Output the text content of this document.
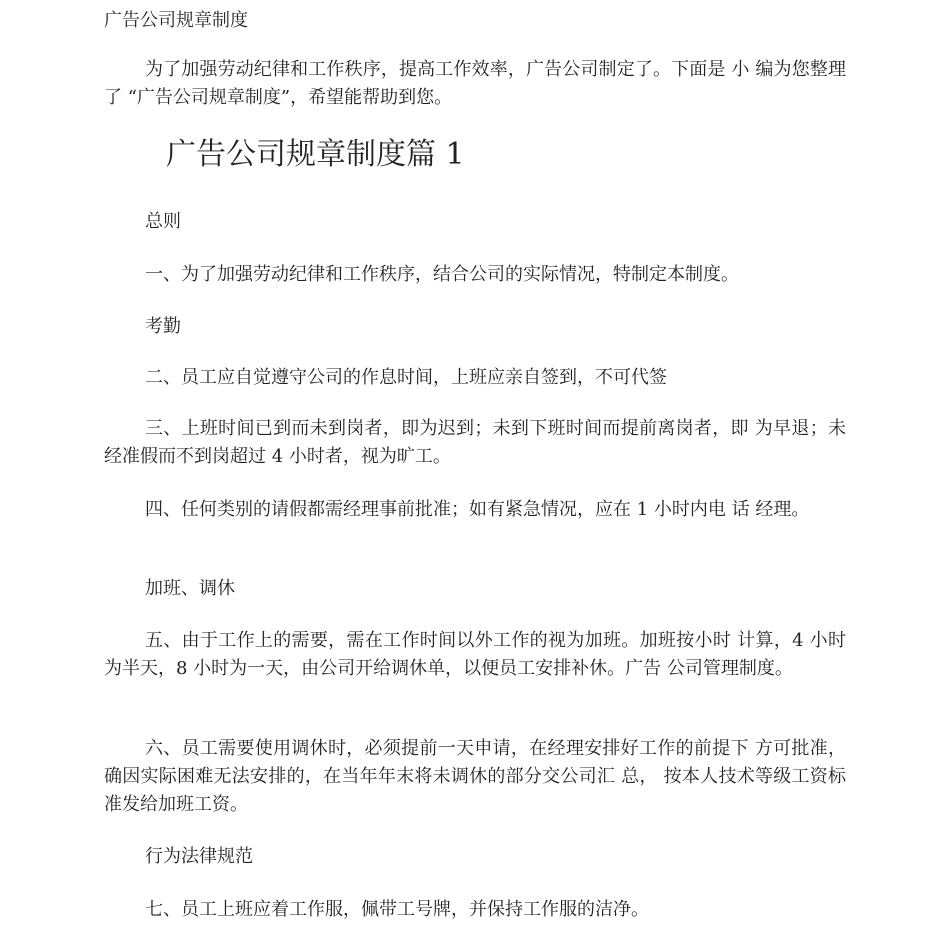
广告公司规章制度

为了加强劳动纪律和工作秩序，提高工作效率，广告公司制定了。下面是 小 编为您整理了 “广告公司规章制度”，希望能帮助到您。

广告公司规章制度篇 1

总则

一、为了加强劳动纪律和工作秩序，结合公司的实际情况，特制定本制度。

考勤

二、员工应自觉遵守公司的作息时间，上班应亲自签到，不可代签

三、上班时间已到而未到岗者，即为迟到；未到下班时间而提前离岗者，即 为早退；未经准假而不到岗超过 4 小时者，视为旷工。

四、任何类别的请假都需经理事前批准；如有紧急情况，应在 1 小时内电 话 经理。

加班、调休

五、由于工作上的需要，需在工作时间以外工作的视为加班。加班按小时 计算，4 小时为半天，8 小时为一天，由公司开给调休单，以便员工安排补休。广告 公司管理制度。

六、员工需要使用调休时，必须提前一天申请，在经理安排好工作的前提下 方可批准，确因实际困难无法安排的，在当年年末将未调休的部分交公司汇 总， 按本人技术等级工资标准发给加班工资。

行为法律规范

七、员工上班应着工作服，佩带工号牌，并保持工作服的洁净。
